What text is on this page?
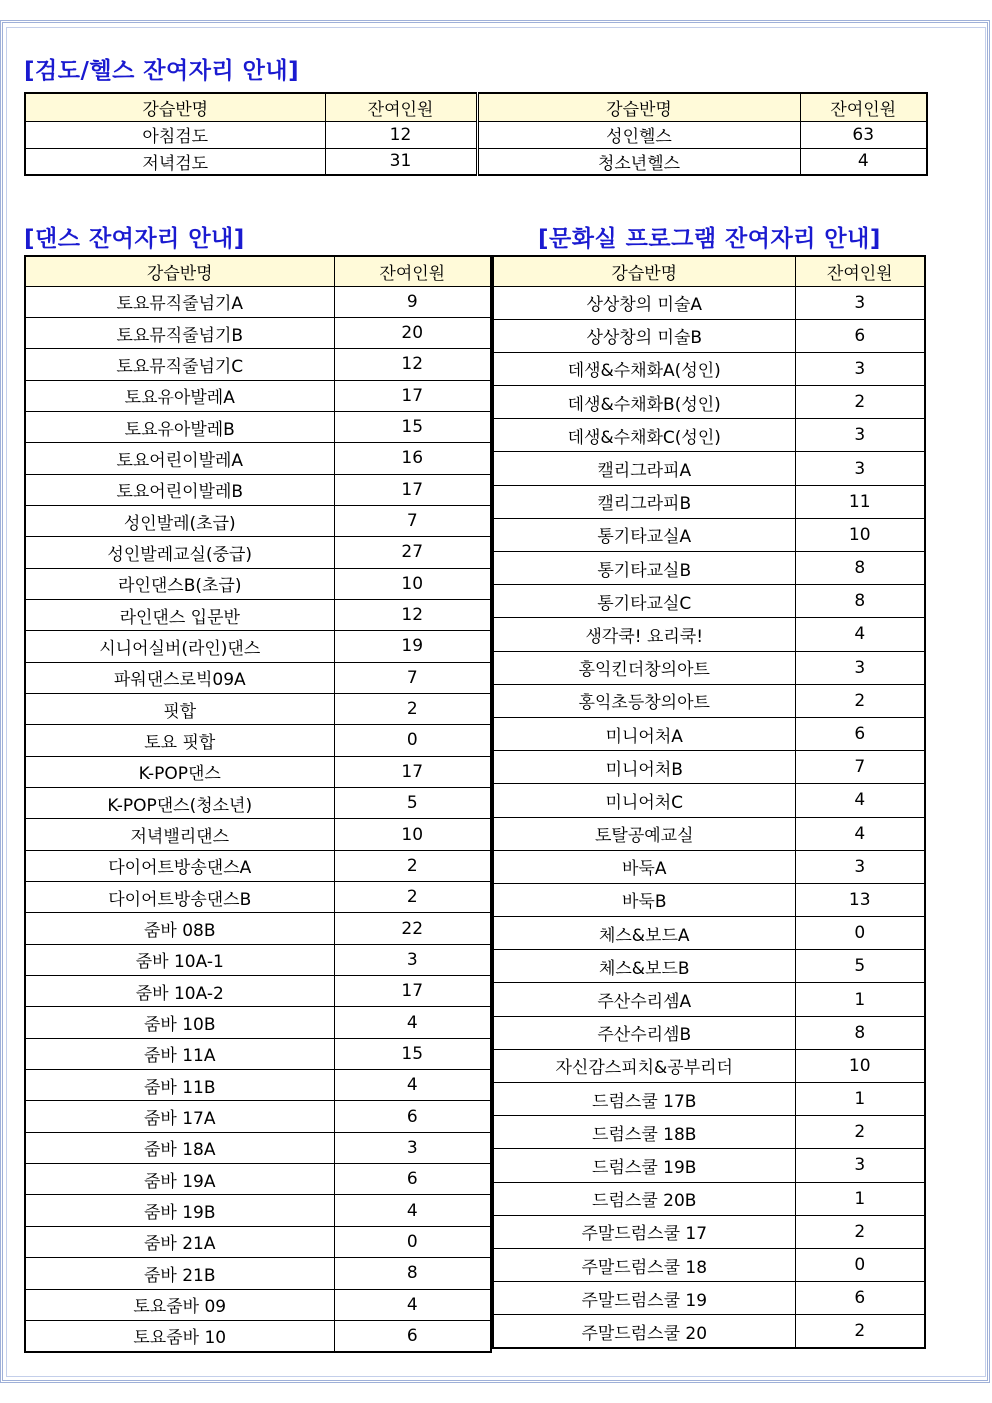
[검도/헬스 잔여자리 안내]
강습반명	잔여인원	강습반명	잔여인원
아침검도	12	성인헬스	63
저녁검도	31	청소년헬스	4
[댄스 잔여자리 안내]	[문화실 프로그램 잔여자리 안내]
강습반명	잔여인원
토요뮤직줄넘기A	9
토요뮤직줄넘기B	20
토요뮤직줄넘기C	12
토요유아발레A	17
토요유아발레B	15
토요어린이발레A	16
토요어린이발레B	17
성인발레(초급)	7
성인발레교실(중급)	27
라인댄스B(초급)	10
라인댄스 입문반	12
시니어실버(라인)댄스	19
파워댄스로빅09A	7
핏합	2
토요 핏합	0
K-POP댄스	17
K-POP댄스(청소년)	5
저녁밸리댄스	10
다이어트방송댄스A	2
다이어트방송댄스B	2
줌바 08B	22
줌바 10A-1	3
줌바 10A-2	17
줌바 10B	4
줌바 11A	15
줌바 11B	4
줌바 17A	6
줌바 18A	3
줌바 19A	6
줌바 19B	4
줌바 21A	0
줌바 21B	8
토요줌바 09	4
토요줌바 10	6
강습반명	잔여인원
상상창의 미술A	3
상상창의 미술B	6
데생&수채화A(성인)	3
데생&수채화B(성인)	2
데생&수채화C(성인)	3
캘리그라피A	3
캘리그라피B	11
통기타교실A	10
통기타교실B	8
통기타교실C	8
생각쿡! 요리쿡!	4
홍익킨더창의아트	3
홍익초등창의아트	2
미니어처A	6
미니어처B	7
미니어처C	4
토탈공예교실	4
바둑A	3
바둑B	13
체스&보드A	0
체스&보드B	5
주산수리셈A	1
주산수리셈B	8
자신감스피치&공부리더	10
드럼스쿨 17B	1
드럼스쿨 18B	2
드럼스쿨 19B	3
드럼스쿨 20B	1
주말드럼스쿨 17	2
주말드럼스쿨 18	0
주말드럼스쿨 19	6
주말드럼스쿨 20	2
